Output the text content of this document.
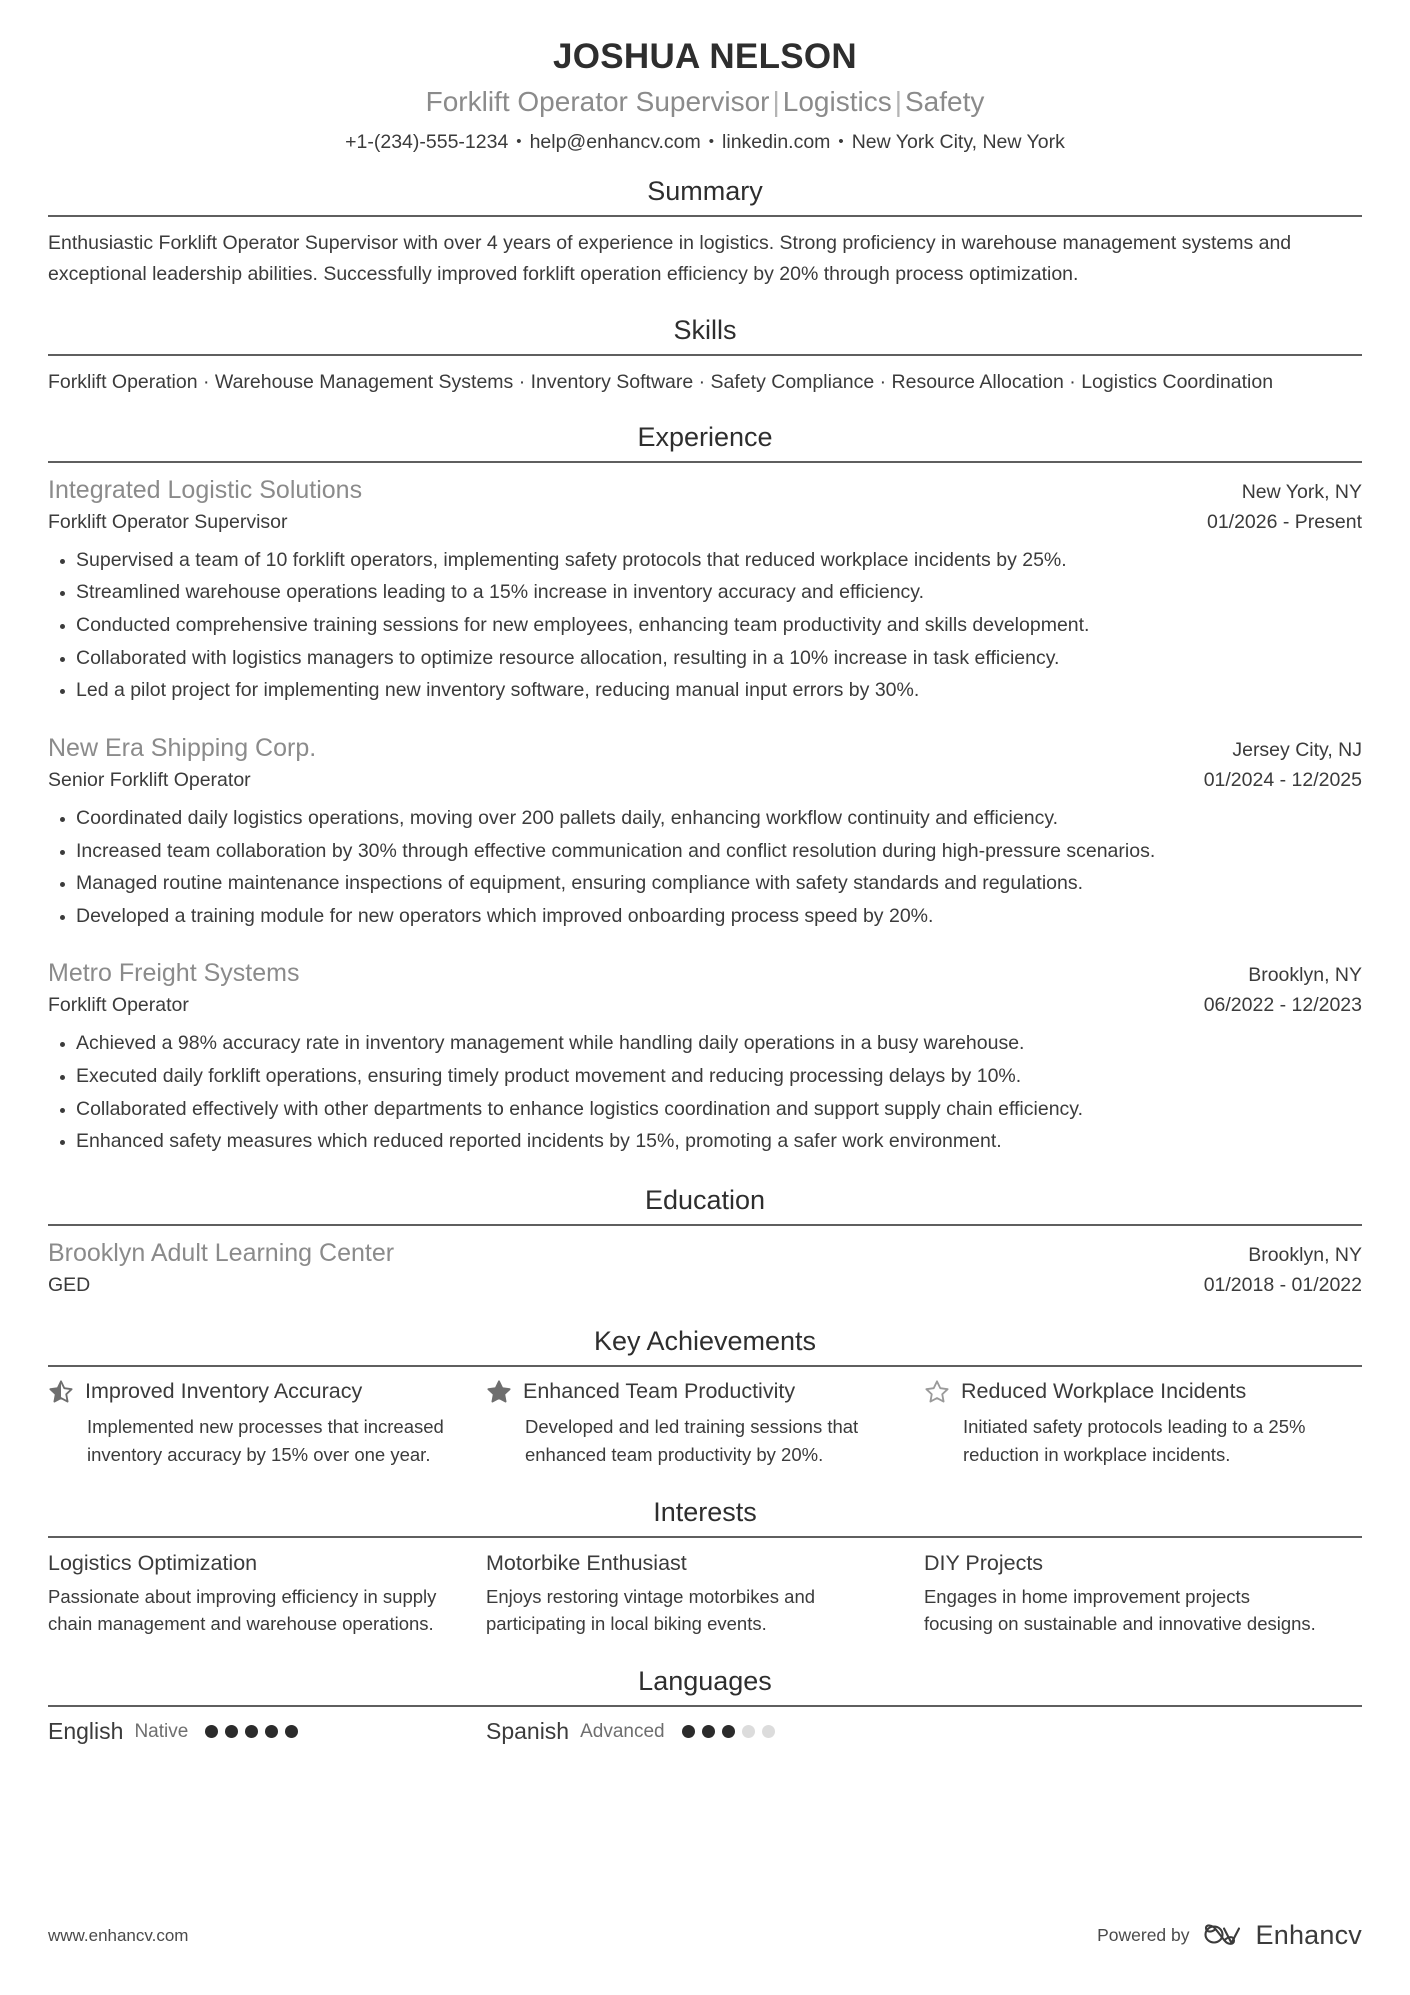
JOSHUA NELSON
Forklift Operator Supervisor | Logistics | Safety
+1-(234)-555-1234 • help@enhancv.com • linkedin.com • New York City, New York
Summary
Enthusiastic Forklift Operator Supervisor with over 4 years of experience in logistics. Strong proficiency in warehouse management systems and exceptional leadership abilities. Successfully improved forklift operation efficiency by 20% through process optimization.
Skills
Forklift Operation · Warehouse Management Systems · Inventory Software · Safety Compliance · Resource Allocation · Logistics Coordination
Experience
Integrated Logistic Solutions	New York, NY
Forklift Operator Supervisor	01/2026 - Present
Supervised a team of 10 forklift operators, implementing safety protocols that reduced workplace incidents by 25%.
Streamlined warehouse operations leading to a 15% increase in inventory accuracy and efficiency.
Conducted comprehensive training sessions for new employees, enhancing team productivity and skills development.
Collaborated with logistics managers to optimize resource allocation, resulting in a 10% increase in task efficiency.
Led a pilot project for implementing new inventory software, reducing manual input errors by 30%.
New Era Shipping Corp.	Jersey City, NJ
Senior Forklift Operator	01/2024 - 12/2025
Coordinated daily logistics operations, moving over 200 pallets daily, enhancing workflow continuity and efficiency.
Increased team collaboration by 30% through effective communication and conflict resolution during high-pressure scenarios.
Managed routine maintenance inspections of equipment, ensuring compliance with safety standards and regulations.
Developed a training module for new operators which improved onboarding process speed by 20%.
Metro Freight Systems	Brooklyn, NY
Forklift Operator	06/2022 - 12/2023
Achieved a 98% accuracy rate in inventory management while handling daily operations in a busy warehouse.
Executed daily forklift operations, ensuring timely product movement and reducing processing delays by 10%.
Collaborated effectively with other departments to enhance logistics coordination and support supply chain efficiency.
Enhanced safety measures which reduced reported incidents by 15%, promoting a safer work environment.
Education
Brooklyn Adult Learning Center	Brooklyn, NY
GED	01/2018 - 01/2022
Key Achievements
Improved Inventory Accuracy
Implemented new processes that increased inventory accuracy by 15% over one year.
Enhanced Team Productivity
Developed and led training sessions that enhanced team productivity by 20%.
Reduced Workplace Incidents
Initiated safety protocols leading to a 25% reduction in workplace incidents.
Interests
Logistics Optimization
Passionate about improving efficiency in supply chain management and warehouse operations.
Motorbike Enthusiast
Enjoys restoring vintage motorbikes and participating in local biking events.
DIY Projects
Engages in home improvement projects focusing on sustainable and innovative designs.
Languages
English Native	Spanish Advanced
www.enhancv.com	Powered by Enhancv
